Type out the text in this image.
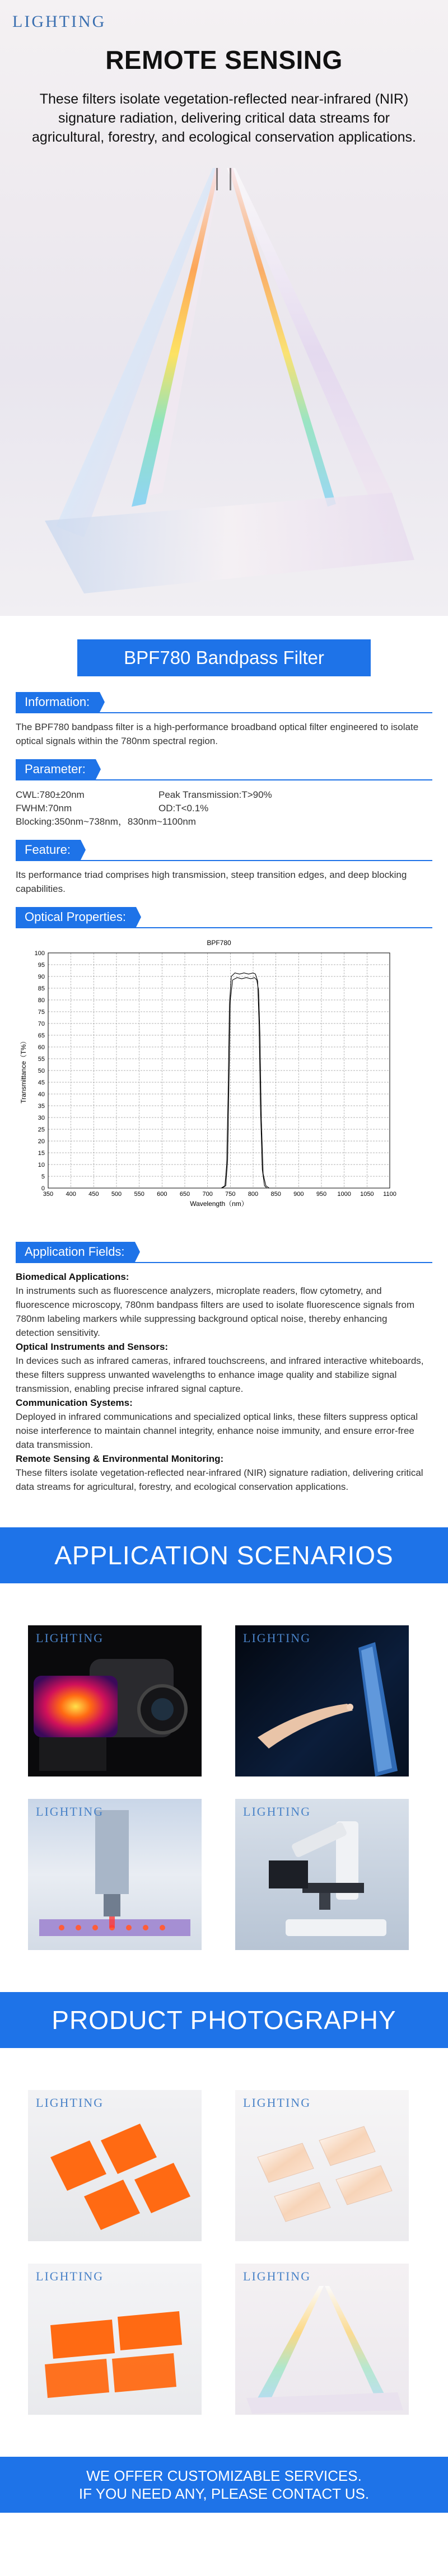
LIGHTING
REMOTE SENSING

These filters isolate vegetation-reflected near-infrared (NIR) signature radiation, delivering critical data streams for agricultural, forestry, and ecological conservation applications.

BPF780 Bandpass Filter
Information:

The BPF780 bandpass filter is a high-performance broadband optical filter engineered to isolate optical signals within the 780nm spectral region.

Parameter:
CWL:780±20nm	Peak Transmission:T>90%
FWHM:70nm	OD:T<0.1%
Blocking:350nm~738nm，830nm~1100nm
Feature:

Its performance triad comprises high transmission, steep transition edges, and deep blocking capabilities.

Optical Properties:
0
5
10
15
20
25
30
35
40
45
50
55
60
65
70
75
80
85
90
95
100
350 400 450 500 550 600 650 700 750 800 850 900 950 1000 1050 1100
BPF780
Wavelength（nm）
Transmittance（T%）
Application Fields:
Biomedical Applications:

In instruments such as fluorescence analyzers, microplate readers, flow cytometry, and fluorescence microscopy, 780nm bandpass filters are used to isolate fluorescence signals from 780nm labeling markers while suppressing background optical noise, thereby enhancing detection sensitivity.

Optical Instruments and Sensors:

In devices such as infrared cameras, infrared touchscreens, and infrared interactive whiteboards, these filters suppress unwanted wavelengths to enhance image quality and stabilize signal transmission, enabling precise infrared signal capture.

Communication Systems:

Deployed in infrared communications and specialized optical links, these filters suppress optical noise interference to maintain channel integrity, enhance noise immunity, and ensure error-free data transmission.

Remote Sensing & Environmental Monitoring:

These filters isolate vegetation-reflected near-infrared (NIR) signature radiation, delivering critical data streams for agricultural, forestry, and ecological conservation applications.

APPLICATION SCENARIOS
LIGHTING	LIGHTING
LIGHTING	LIGHTING
PRODUCT PHOTOGRAPHY
LIGHTING	LIGHTING
LIGHTING	LIGHTING
WE OFFER CUSTOMIZABLE SERVICES.
IF YOU NEED ANY, PLEASE CONTACT US.
